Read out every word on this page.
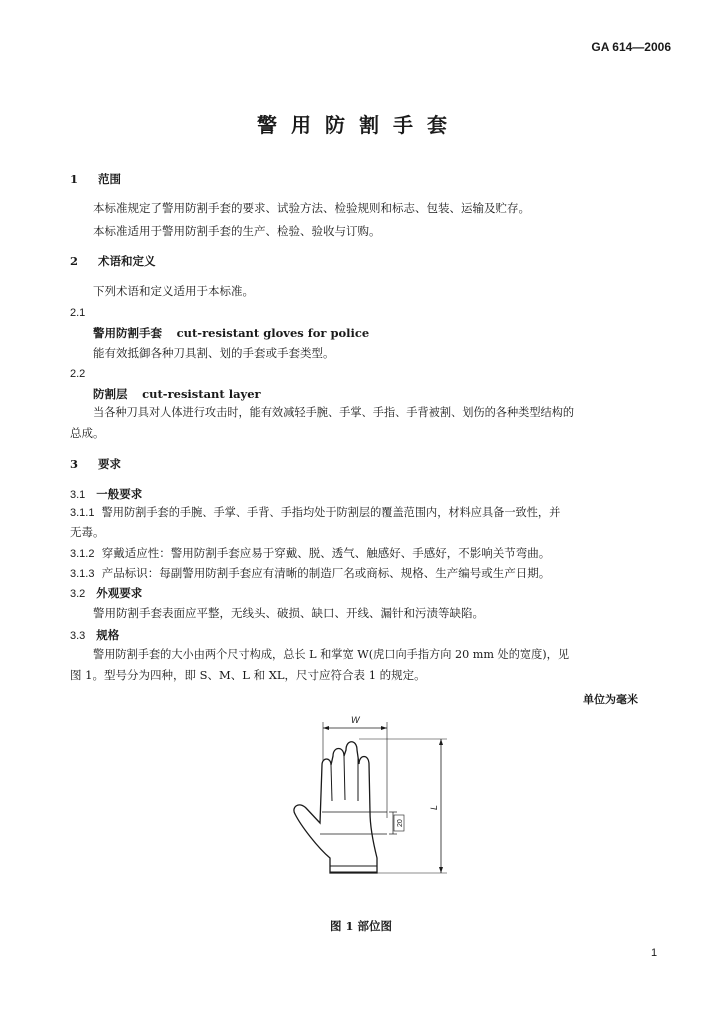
GA 614—2006
警用防割手套
1 范围
本标准规定了警用防割手套的要求、试验方法、检验规则和标志、包装、运输及贮存。
本标准适用于警用防割手套的生产、检验、验收与订购。
2 术语和定义
下列术语和定义适用于本标准。
2.1
警用防割手套 cut-resistant gloves for police
能有效抵御各种刀具割、划的手套或手套类型。
2.2
防割层 cut-resistant layer
当各种刀具对人体进行攻击时，能有效减轻手腕、手掌、手指、手背被割、划伤的各种类型结构的
总成。
3 要求
3.1 一般要求
3.1.1 警用防割手套的手腕、手掌、手背、手指均处于防割层的覆盖范围内，材料应具备一致性，并
无毒。
3.1.2 穿戴适应性：警用防割手套应易于穿戴、脱、透气、触感好、手感好，不影响关节弯曲。
3.1.3 产品标识：每副警用防割手套应有清晰的制造厂名或商标、规格、生产编号或生产日期。
3.2 外观要求
警用防割手套表面应平整，无线头、破损、缺口、开线、漏针和污渍等缺陷。
3.3 规格
警用防割手套的大小由两个尺寸构成，总长 L 和掌宽 W(虎口向手指方向 20 mm 处的宽度)，见
图 1。型号分为四种，即 S、M、L 和 XL，尺寸应符合表 1 的规定。
单位为毫米
W
20
L
图 1 部位图
1
